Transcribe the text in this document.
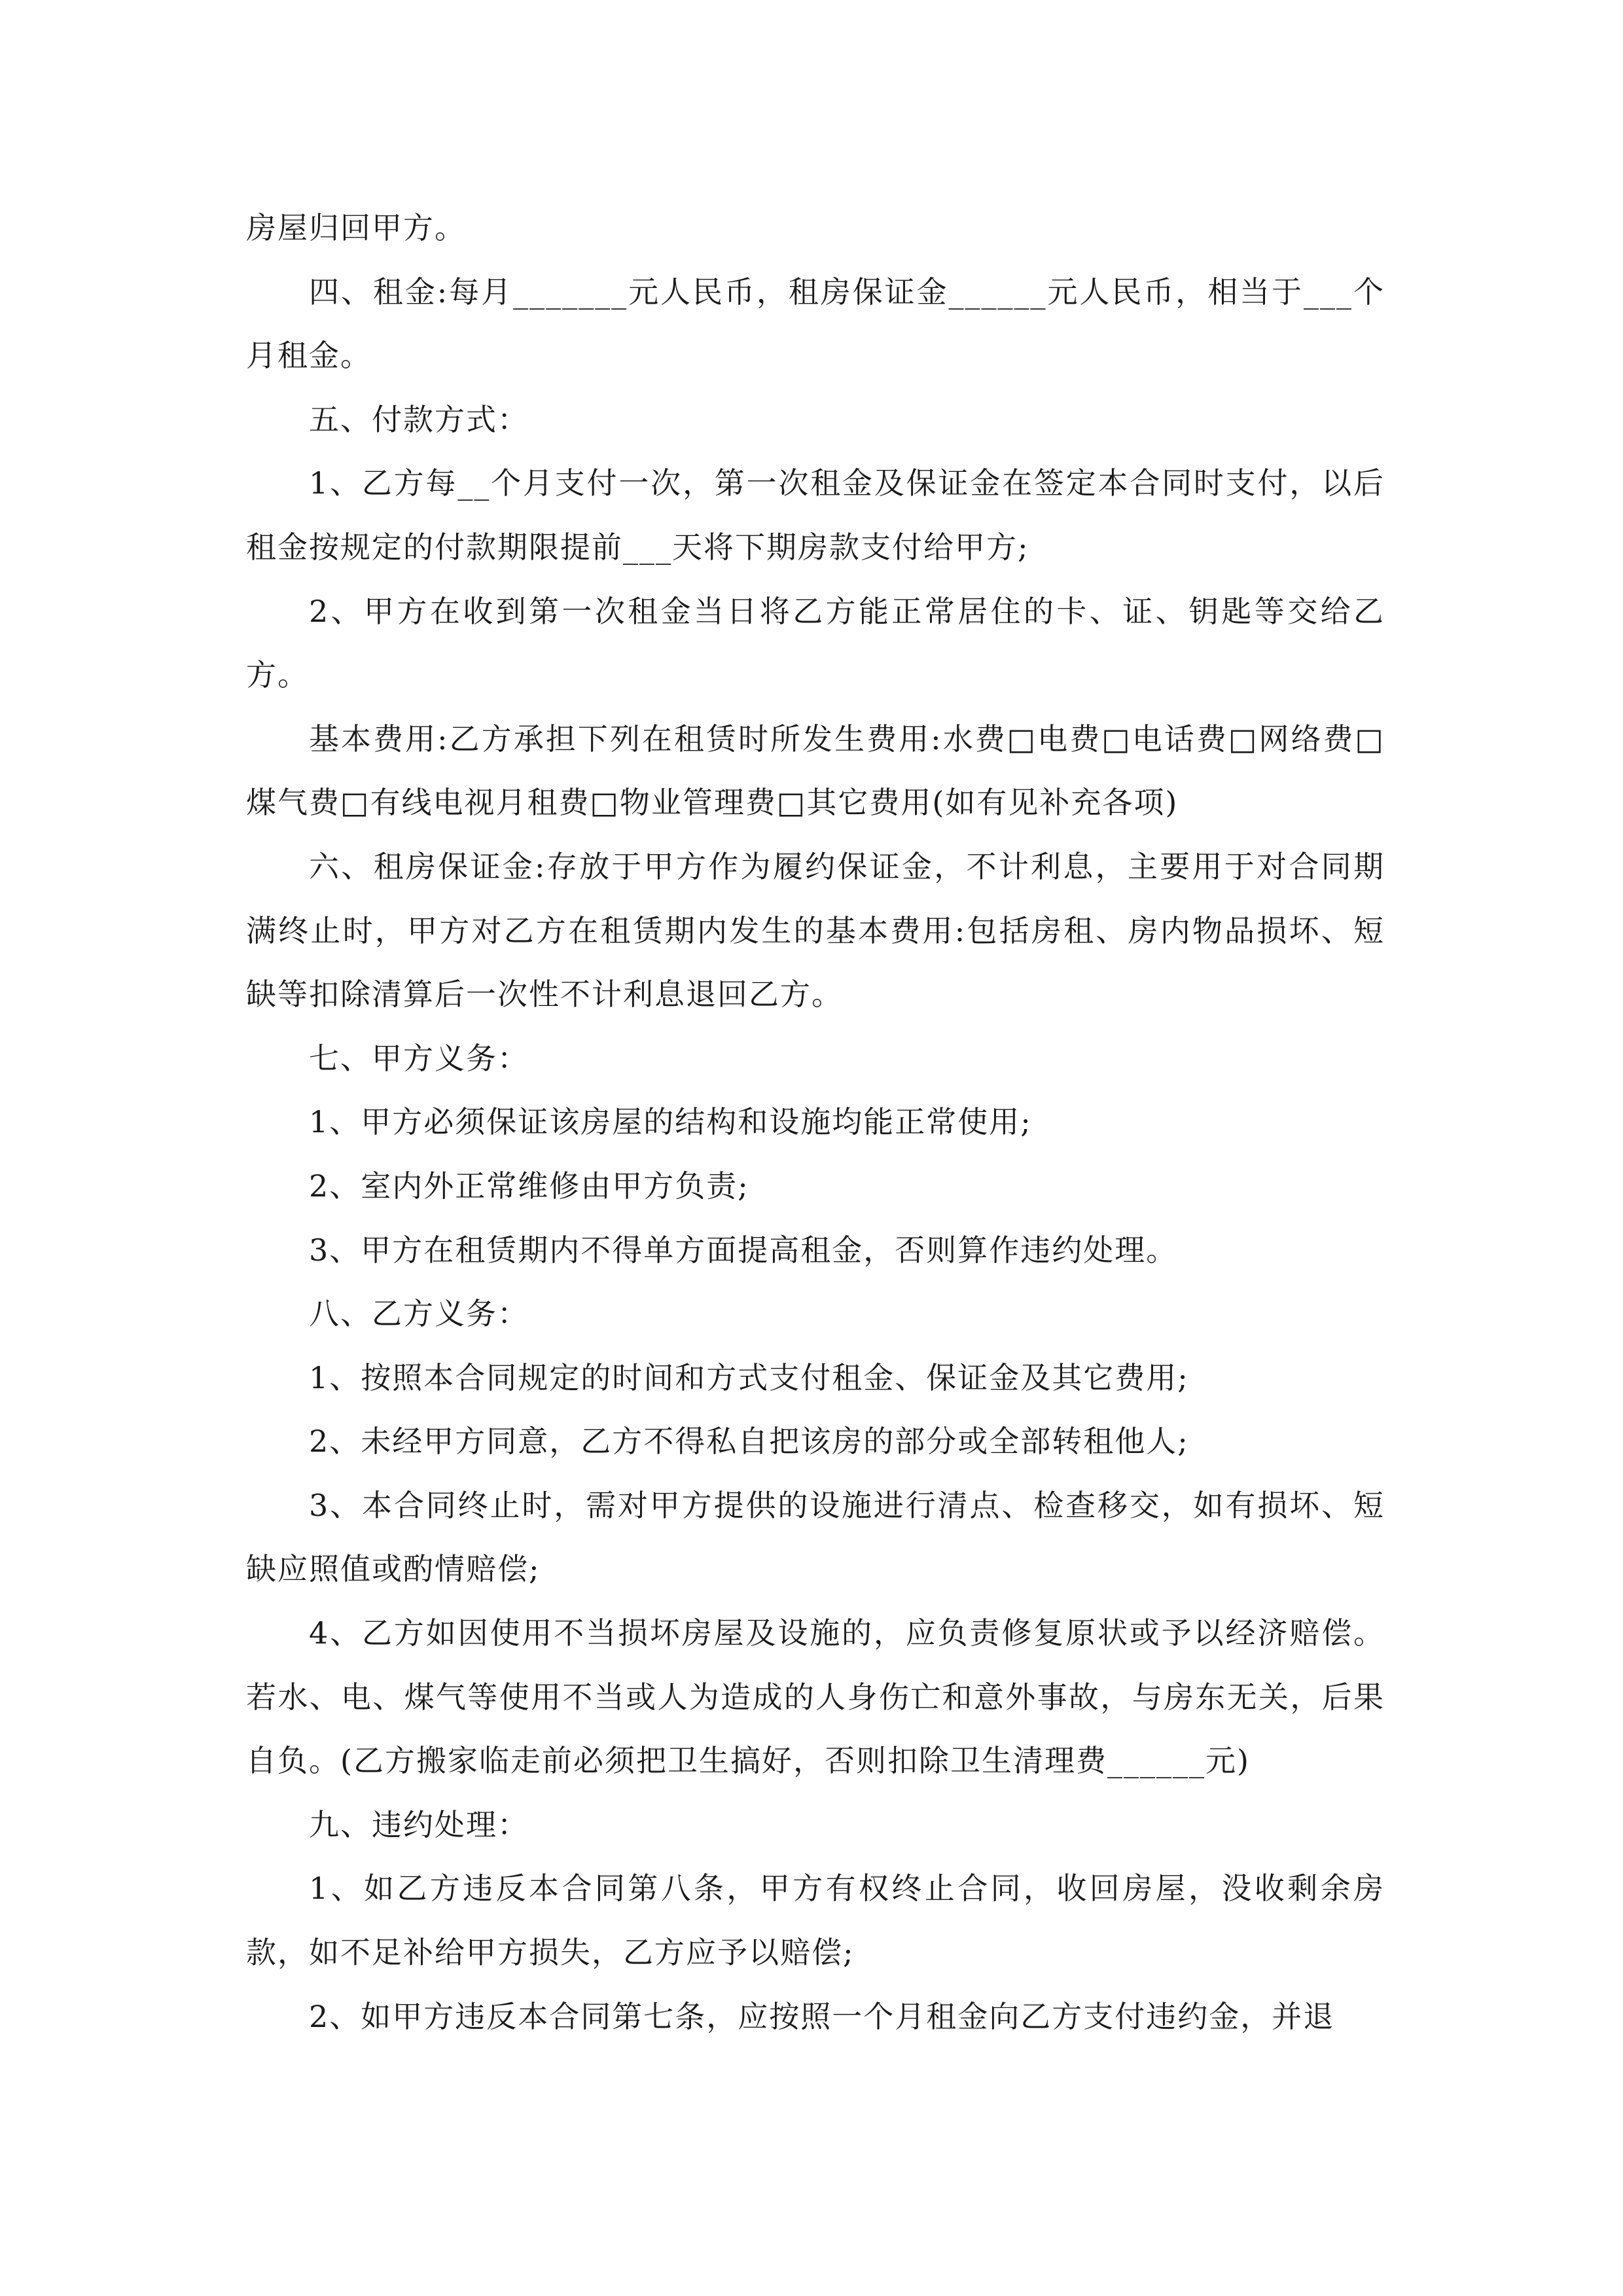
房屋归回甲方。

四、租金:每月_______元人民币，租房保证金______元人民币，相当于___个月租金。

五、付款方式：

1、乙方每__个月支付一次，第一次租金及保证金在签定本合同时支付，以后租金按规定的付款期限提前___天将下期房款支付给甲方;

2、甲方在收到第一次租金当日将乙方能正常居住的卡、证、钥匙等交给乙方。

基本费用:乙方承担下列在租赁时所发生费用:水费□电费□电话费□网络费□煤气费□有线电视月租费□物业管理费□其它费用(如有见补充各项)

六、租房保证金:存放于甲方作为履约保证金，不计利息，主要用于对合同期满终止时，甲方对乙方在租赁期内发生的基本费用:包括房租、房内物品损坏、短缺等扣除清算后一次性不计利息退回乙方。

七、甲方义务：

1、甲方必须保证该房屋的结构和设施均能正常使用;

2、室内外正常维修由甲方负责;

3、甲方在租赁期内不得单方面提高租金，否则算作违约处理。

八、乙方义务：

1、按照本合同规定的时间和方式支付租金、保证金及其它费用;

2、未经甲方同意，乙方不得私自把该房的部分或全部转租他人;

3、本合同终止时，需对甲方提供的设施进行清点、检查移交，如有损坏、短缺应照值或酌情赔偿;

4、乙方如因使用不当损坏房屋及设施的，应负责修复原状或予以经济赔偿。若水、电、煤气等使用不当或人为造成的人身伤亡和意外事故，与房东无关，后果自负。(乙方搬家临走前必须把卫生搞好，否则扣除卫生清理费______元)

九、违约处理：

1、如乙方违反本合同第八条，甲方有权终止合同，收回房屋，没收剩余房款，如不足补给甲方损失，乙方应予以赔偿;

2、如甲方违反本合同第七条，应按照一个月租金向乙方支付违约金，并退
